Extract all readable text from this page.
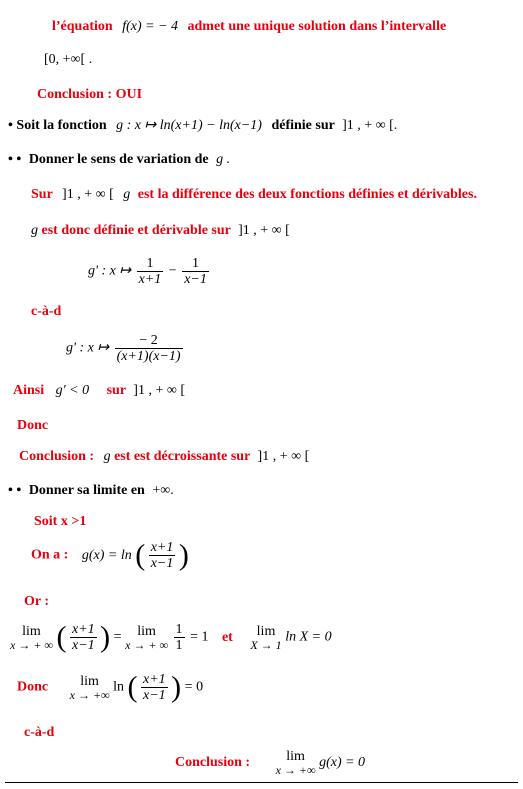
l’équation f(x) = − 4 admet une unique solution dans l’intervalle
[0, +∞[ .
Conclusion : OUI
• Soit la fonction g : x ↦ ln(x+1) − ln(x−1) définie sur ]1 , + ∞ [.
• • Donner le sens de variation de g .
Sur ]1 , + ∞ [ g est la différence des deux fonctions définies et dérivables.
g est donc définie et dérivable sur ]1 , + ∞ [
g' : x ↦ $\frac{1}{x+1} - \frac{1}{x-1}$
c-à-d
g' : x ↦ $\frac{- 2}{(x+1)(x-1)}$
Ainsi g' < 0 sur ]1 , + ∞ [
Donc
Conclusion : g est est décroissante sur ]1 , + ∞ [
• • Donner sa limite en +∞.
Soit x >1
On a : g(x) = ln ( $\frac{x+1}{x-1}$ )
Or :
lim
x → + ∞ ( $\frac{x+1}{x-1}$ ) =	lim
x → + ∞
$\frac{1}{1} = 1$ et	lim
X → 1 ln X = 0
Donc	lim
x → +∞ ln ( $\frac{x+1}{x-1}$ ) = 0
c-à-d
Conclusion :	lim
x → +∞ g(x) = 0
